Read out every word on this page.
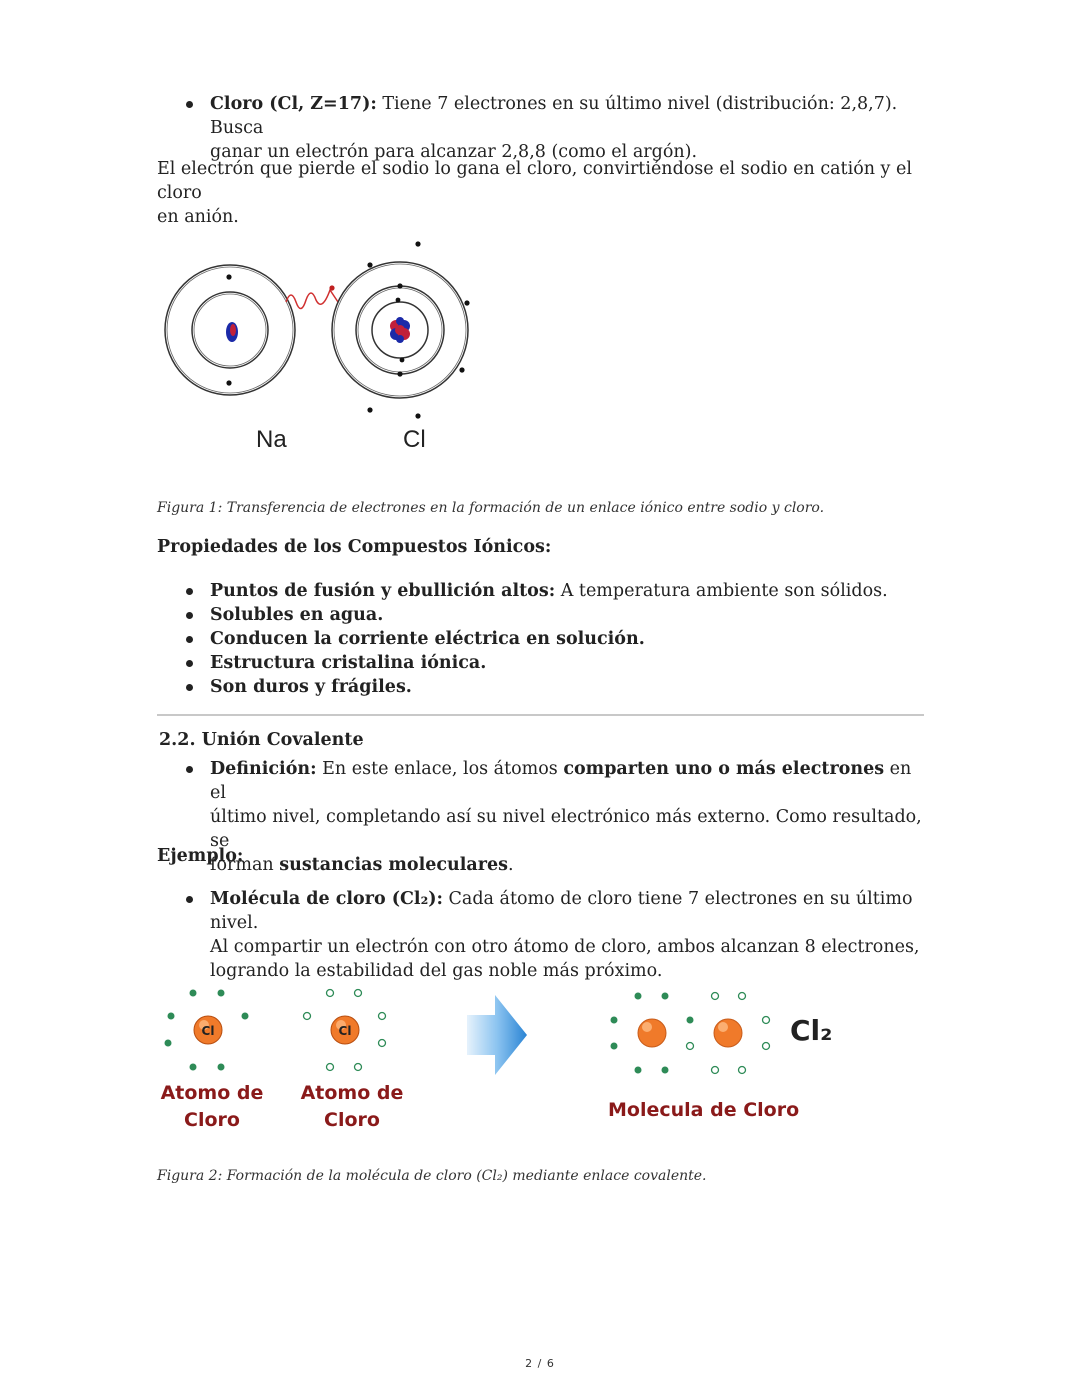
Cloro (Cl, Z=17): Tiene 7 electrones en su último nivel (distribución: 2,8,7). Busca
ganar un electrón para alcanzar 2,8,8 (como el argón).
El electrón que pierde el sodio lo gana el cloro, convirtiéndose el sodio en catión y el cloro
en anión.
Na	Cl
Figura 1: Transferencia de electrones en la formación de un enlace iónico entre sodio y cloro.
Propiedades de los Compuestos Iónicos:
Puntos de fusión y ebullición altos: A temperatura ambiente son sólidos.
Solubles en agua.
Conducen la corriente eléctrica en solución.
Estructura cristalina iónica.
Son duros y frágiles.
2.2. Unión Covalente
Definición: En este enlace, los átomos comparten uno o más electrones en el
último nivel, completando así su nivel electrónico más externo. Como resultado, se
forman sustancias moleculares.
Ejemplo:
Molécula de cloro (Cl₂): Cada átomo de cloro tiene 7 electrones en su último nivel.
Al compartir un electrón con otro átomo de cloro, ambos alcanzan 8 electrones,
logrando la estabilidad del gas noble más próximo.
Cl	Cl	Cl₂
Atomo de
Cloro
Atomo de
Cloro	Molecula de Cloro
Figura 2: Formación de la molécula de cloro (Cl₂) mediante enlace covalente.
2 / 6
